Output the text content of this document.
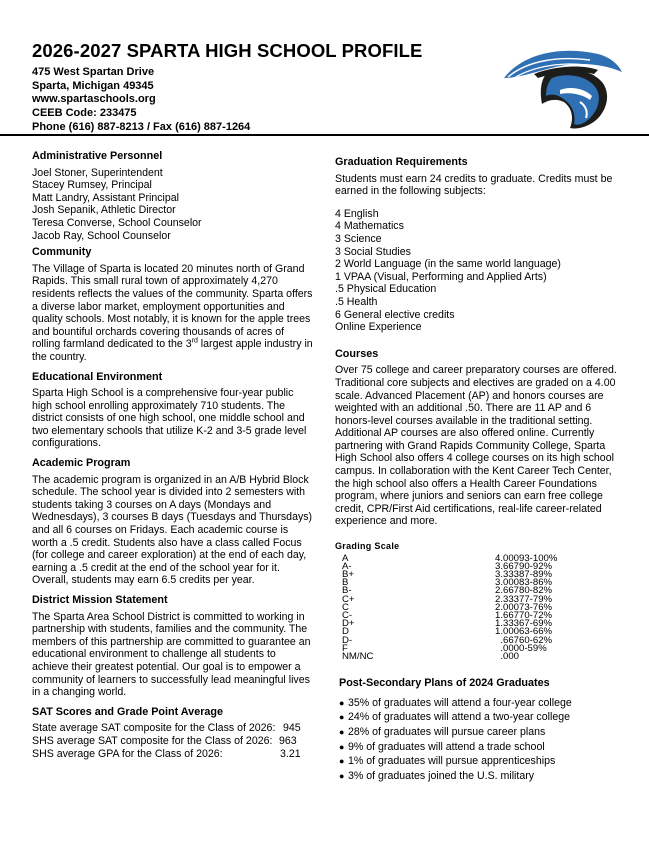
2026-2027 SPARTA HIGH SCHOOL PROFILE
475 West Spartan Drive
Sparta, Michigan 49345
www.spartaschools.org
CEEB Code: 233475
Phone (616) 887-8213 / Fax (616) 887-1264
Administrative Personnel
Joel Stoner, Superintendent
Stacey Rumsey, Principal
Matt Landry, Assistant Principal
Josh Sepanik, Athletic Director
Teresa Converse, School Counselor
Jacob Ray, School Counselor
Community

The Village of Sparta is located 20 minutes north of Grand Rapids. This small rural town of approximately 4,270 residents reflects the values of the community. Sparta offers a diverse labor market, employment opportunities and quality schools. Most notably, it is known for the apple trees and bountiful orchards covering thousands of acres of rolling farmland dedicated to the 3rd largest apple industry in the country.

Educational Environment

Sparta High School is a comprehensive four-year public high school enrolling approximately 710 students. The district consists of one high school, one middle school and two elementary schools that utilize K-2 and 3-5 grade level configurations.

Academic Program

The academic program is organized in an A/B Hybrid Block schedule. The school year is divided into 2 semesters with students taking 3 courses on A days (Mondays and Wednesdays), 3 courses B days (Tuesdays and Thursdays) and all 6 courses on Fridays. Each academic course is worth a .5 credit. Students also have a class called Focus (for college and career exploration) at the end of each day, earning a .5 credit at the end of the school year for it. Overall, students may earn 6.5 credits per year.

District Mission Statement

The Sparta Area School District is committed to working in partnership with students, families and the community. The members of this partnership are committed to guarantee an educational environment to challenge all students to achieve their greatest potential. Our goal is to empower a community of learners to successfully lead meaningful lives in a changing world.

SAT Scores and Grade Point Average
State average SAT composite for the Class of 2026: 945
SHS average SAT composite for the Class of 2026: 963
SHS average GPA for the Class of 2026:	3.21
Graduation Requirements

Students must earn 24 credits to graduate. Credits must be earned in the following subjects:

4 English
4 Mathematics
3 Science
3 Social Studies
2 World Language (in the same world language)
1 VPAA (Visual, Performing and Applied Arts)
.5 Physical Education
.5 Health
6 General elective credits
Online Experience
Courses

Over 75 college and career preparatory courses are offered. Traditional core subjects and electives are graded on a 4.00 scale. Advanced Placement (AP) and honors courses are weighted with an additional .50. There are 11 AP and 6 honors-level courses available in the traditional setting. Additional AP courses are also offered online. Currently partnering with Grand Rapids Community College, Sparta High School also offers 4 college courses on its high school campus. In collaboration with the Kent Career Tech Center, the high school also offers a Health Career Foundations program, where juniors and seniors can earn free college credit, CPR/First Aid certifications, real-life career-related experience and more.

Grading Scale
A	4.000	93-100%
A-	3.667	90-92%
B+	3.333	87-89%
B	3.000	83-86%
B-	2.667	80-82%
C+	2.333	77-79%
C	2.000	73-76%
C-	1.667	70-72%
D+	1.333	67-69%
D	1.000	63-66%
D-	.667	60-62%
F	.000	0-59%
NM/NC	.000	
Post-Secondary Plans of 2024 Graduates
● 35% of graduates will attend a four-year college
● 24% of graduates will attend a two-year college
● 28% of graduates will pursue career plans
● 9% of graduates will attend a trade school
● 1% of graduates will pursue apprenticeships
● 3% of graduates joined the U.S. military
